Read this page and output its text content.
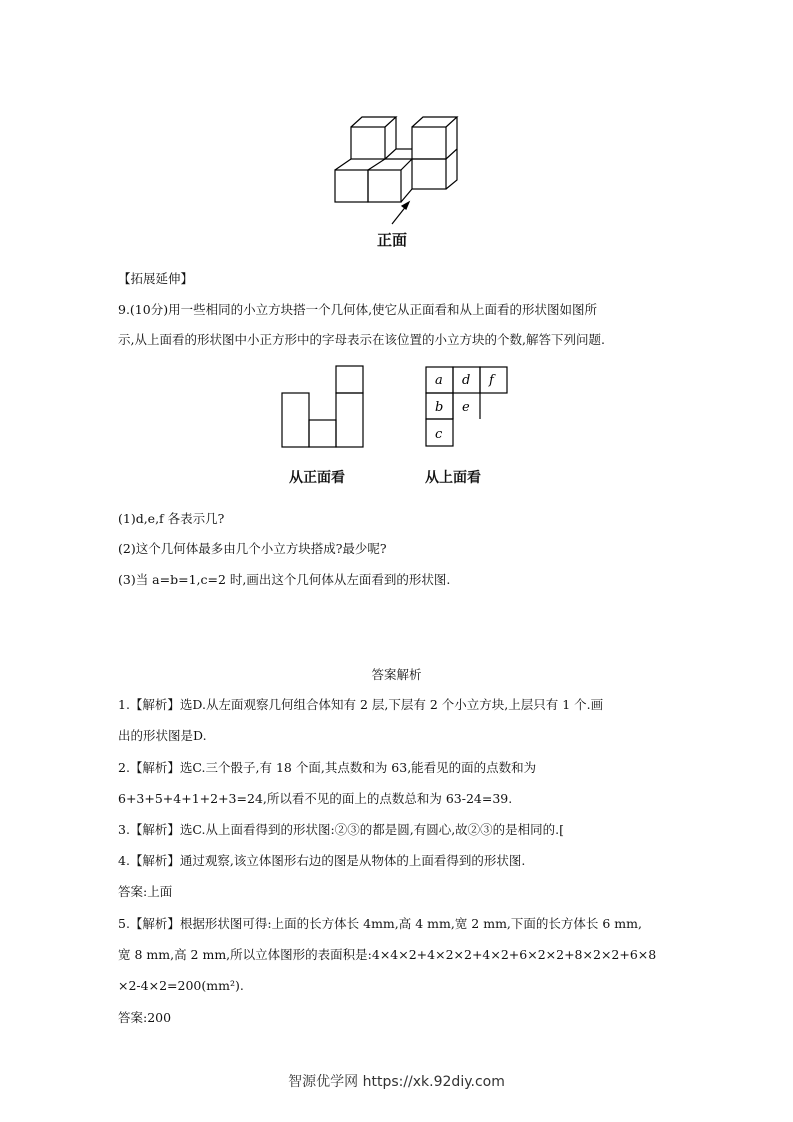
正面
【拓展延伸】
9.(10分)用一些相同的小立方块搭一个几何体,使它从正面看和从上面看的形状图如图所
示,从上面看的形状图中小正方形中的字母表示在该位置的小立方块的个数,解答下列问题.
a d f
b e
c
从正面看	从上面看
(1)d,e,f 各表示几?
(2)这个几何体最多由几个小立方块搭成?最少呢?
(3)当 a=b=1,c=2 时,画出这个几何体从左面看到的形状图.
答案解析
1.【解析】选D.从左面观察几何组合体知有 2 层,下层有 2 个小立方块,上层只有 1 个.画
出的形状图是D.
2.【解析】选C.三个骰子,有 18 个面,其点数和为 63,能看见的面的点数和为
6+3+5+4+1+2+3=24,所以看不见的面上的点数总和为 63-24=39.
3.【解析】选C.从上面看得到的形状图:②③的都是圆,有圆心,故②③的是相同的.[
4.【解析】通过观察,该立体图形右边的图是从物体的上面看得到的形状图.
答案:上面
5.【解析】根据形状图可得:上面的长方体长 4mm,高 4 mm,宽 2 mm,下面的长方体长 6 mm,
宽 8 mm,高 2 mm,所以立体图形的表面积是:4×4×2+4×2×2+4×2+6×2×2+8×2×2+6×8
×2-4×2=200(mm²).
答案:200
智源优学网 https://xk.92diy.com
